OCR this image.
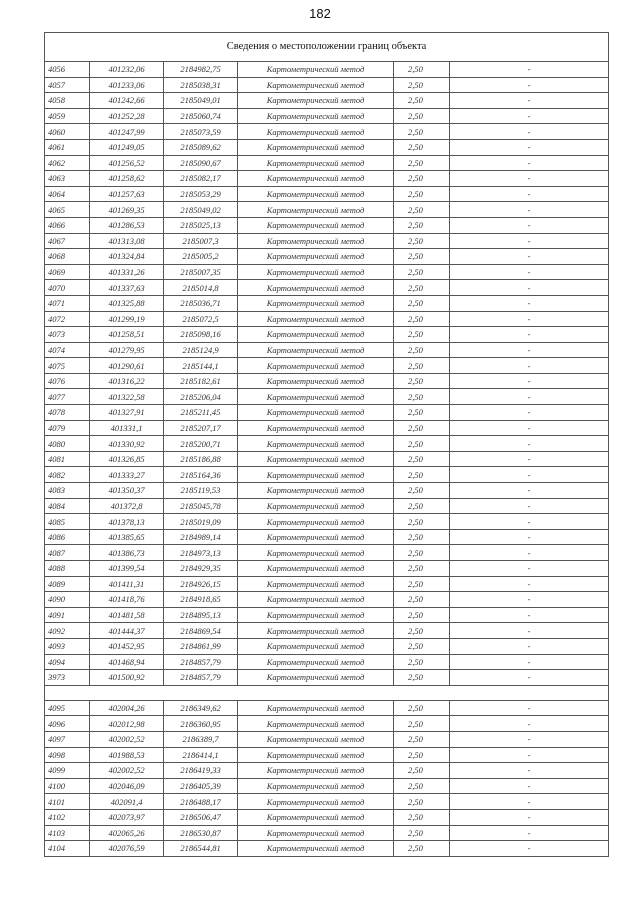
182
Сведения о местоположении границ объекта					
4056	401232,06	2184982,75	Картометрический метод	2,50	-
4057	401233,06	2185038,31	Картометрический метод	2,50	-
4058	401242,66	2185049,01	Картометрический метод	2,50	-
4059	401252,28	2185060,74	Картометрический метод	2,50	-
4060	401247,99	2185073,59	Картометрический метод	2,50	-
4061	401249,05	2185089,62	Картометрический метод	2,50	-
4062	401256,52	2185090,67	Картометрический метод	2,50	-
4063	401258,62	2185082,17	Картометрический метод	2,50	-
4064	401257,63	2185053,29	Картометрический метод	2,50	-
4065	401269,35	2185049,02	Картометрический метод	2,50	-
4066	401286,53	2185025,13	Картометрический метод	2,50	-
4067	401313,08	2185007,3	Картометрический метод	2,50	-
4068	401324,84	2185005,2	Картометрический метод	2,50	-
4069	401331,26	2185007,35	Картометрический метод	2,50	-
4070	401337,63	2185014,8	Картометрический метод	2,50	-
4071	401325,88	2185036,71	Картометрический метод	2,50	-
4072	401299,19	2185072,5	Картометрический метод	2,50	-
4073	401258,51	2185098,16	Картометрический метод	2,50	-
4074	401279,95	2185124,9	Картометрический метод	2,50	-
4075	401290,61	2185144,1	Картометрический метод	2,50	-
4076	401316,22	2185182,61	Картометрический метод	2,50	-
4077	401322,58	2185206,04	Картометрический метод	2,50	-
4078	401327,91	2185211,45	Картометрический метод	2,50	-
4079	401331,1	2185207,17	Картометрический метод	2,50	-
4080	401330,92	2185200,71	Картометрический метод	2,50	-
4081	401326,85	2185186,88	Картометрический метод	2,50	-
4082	401333,27	2185164,36	Картометрический метод	2,50	-
4083	401350,37	2185119,53	Картометрический метод	2,50	-
4084	401372,8	2185045,78	Картометрический метод	2,50	-
4085	401378,13	2185019,09	Картометрический метод	2,50	-
4086	401385,65	2184989,14	Картометрический метод	2,50	-
4087	401386,73	2184973,13	Картометрический метод	2,50	-
4088	401399,54	2184929,35	Картометрический метод	2,50	-
4089	401411,31	2184926,15	Картометрический метод	2,50	-
4090	401418,76	2184918,65	Картометрический метод	2,50	-
4091	401481,58	2184895,13	Картометрический метод	2,50	-
4092	401444,37	2184869,54	Картометрический метод	2,50	-
4093	401452,95	2184861,99	Картометрический метод	2,50	-
4094	401468,94	2184857,79	Картометрический метод	2,50	-
3973	401500,92	2184857,79	Картометрический метод	2,50	-

4095	402004,26	2186349,62	Картометрический метод	2,50	-
4096	402012,98	2186360,95	Картометрический метод	2,50	-
4097	402002,52	2186389,7	Картометрический метод	2,50	-
4098	401988,53	2186414,1	Картометрический метод	2,50	-
4099	402002,52	2186419,33	Картометрический метод	2,50	-
4100	402046,09	2186405,39	Картометрический метод	2,50	-
4101	402091,4	2186488,17	Картометрический метод	2,50	-
4102	402073,97	2186506,47	Картометрический метод	2,50	-
4103	402065,26	2186530,87	Картометрический метод	2,50	-
4104	402076,59	2186544,81	Картометрический метод	2,50	-
